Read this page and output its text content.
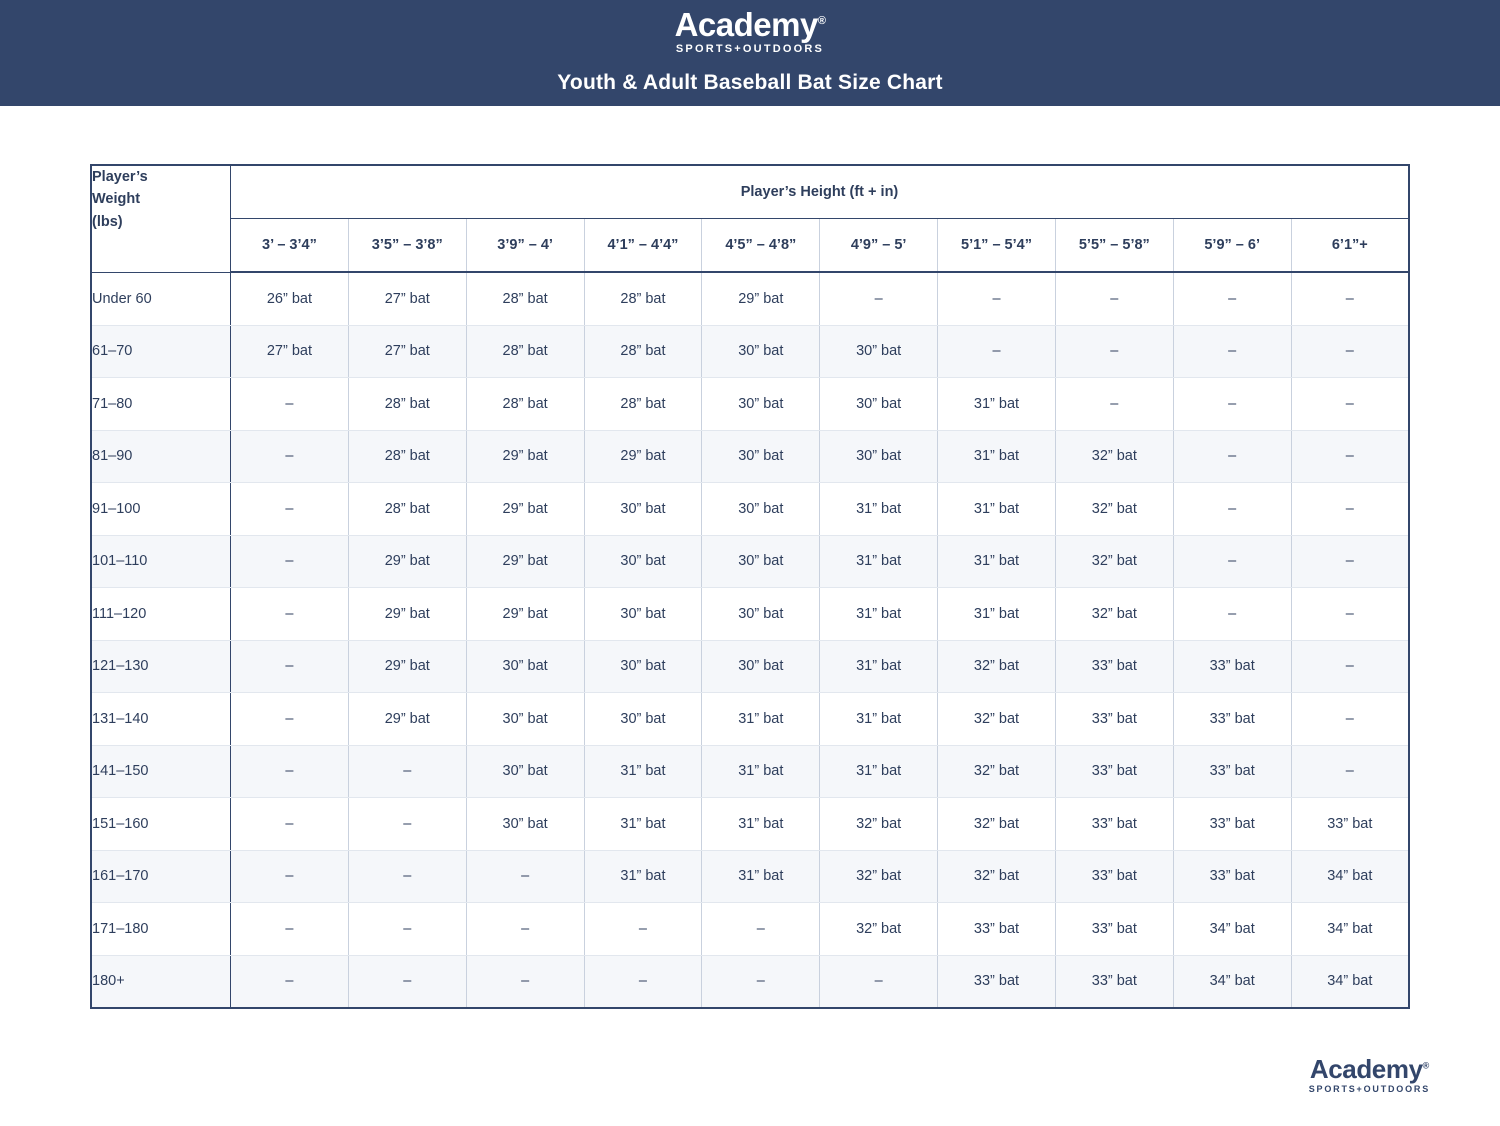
Academy®
SPORTS+OUTDOORS
Youth & Adult Baseball Bat Size Chart
Player’s
Weight
(lbs)	Player’s Height (ft + in)									
	3’ – 3’4”	3’5” – 3’8”	3’9” – 4’	4’1” – 4’4”	4’5” – 4’8”	4’9” – 5’	5’1” – 5’4”	5’5” – 5’8”	5’9” – 6’	6’1”+
Under 60	26” bat	27” bat	28” bat	28” bat	29” bat	–	–	–	–	–
61–70	27” bat	27” bat	28” bat	28” bat	30” bat	30” bat	–	–	–	–
71–80	–	28” bat	28” bat	28” bat	30” bat	30” bat	31” bat	–	–	–
81–90	–	28” bat	29” bat	29” bat	30” bat	30” bat	31” bat	32” bat	–	–
91–100	–	28” bat	29” bat	30” bat	30” bat	31” bat	31” bat	32” bat	–	–
101–110	–	29” bat	29” bat	30” bat	30” bat	31” bat	31” bat	32” bat	–	–
111–120	–	29” bat	29” bat	30” bat	30” bat	31” bat	31” bat	32” bat	–	–
121–130	–	29” bat	30” bat	30” bat	30” bat	31” bat	32” bat	33” bat	33” bat	–
131–140	–	29” bat	30” bat	30” bat	31” bat	31” bat	32” bat	33” bat	33” bat	–
141–150	–	–	30” bat	31” bat	31” bat	31” bat	32” bat	33” bat	33” bat	–
151–160	–	–	30” bat	31” bat	31” bat	32” bat	32” bat	33” bat	33” bat	33” bat
161–170	–	–	–	31” bat	31” bat	32” bat	32” bat	33” bat	33” bat	34” bat
171–180	–	–	–	–	–	32” bat	33” bat	33” bat	34” bat	34” bat
180+	–	–	–	–	–	–	33” bat	33” bat	34” bat	34” bat
Academy®
SPORTS+OUTDOORS
